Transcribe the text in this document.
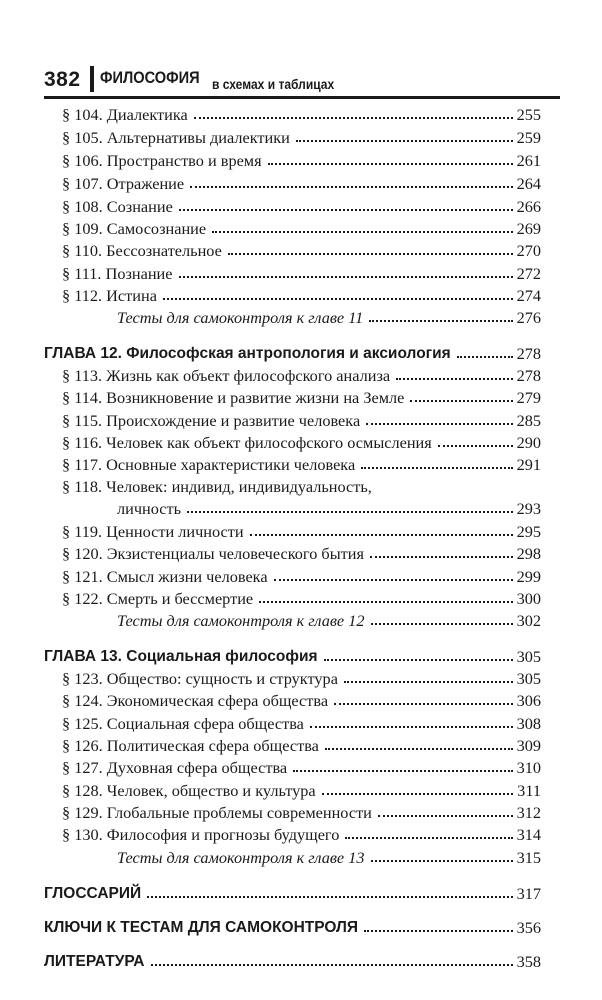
382 ФИЛОСОФИЯ в схемах и таблицах
§ 104. Диалектика	255
§ 105. Альтернативы диалектики	259
§ 106. Пространство и время	261
§ 107. Отражение	264
§ 108. Сознание	266
§ 109. Самосознание	269
§ 110. Бессознательное	270
§ 111. Познание	272
§ 112. Истина	274
Тесты для самоконтроля к главе 11	276
ГЛАВА 12. Философская антропология и аксиология	278
§ 113. Жизнь как объект философского анализа	278
§ 114. Возникновение и развитие жизни на Земле	279
§ 115. Происхождение и развитие человека	285
§ 116. Человек как объект философского осмысления	290
§ 117. Основные характеристики человека	291
§ 118. Человек: индивид, индивидуальность,
личность	293
§ 119. Ценности личности	295
§ 120. Экзистенциалы человеческого бытия	298
§ 121. Смысл жизни человека	299
§ 122. Смерть и бессмертие	300
Тесты для самоконтроля к главе 12	302
ГЛАВА 13. Социальная философия	305
§ 123. Общество: сущность и структура	305
§ 124. Экономическая сфера общества	306
§ 125. Социальная сфера общества	308
§ 126. Политическая сфера общества	309
§ 127. Духовная сфера общества	310
§ 128. Человек, общество и культура	311
§ 129. Глобальные проблемы современности	312
§ 130. Философия и прогнозы будущего	314
Тесты для самоконтроля к главе 13	315
ГЛОССАРИЙ	317
КЛЮЧИ К ТЕСТАМ ДЛЯ САМОКОНТРОЛЯ	356
ЛИТЕРАТУРА	358
